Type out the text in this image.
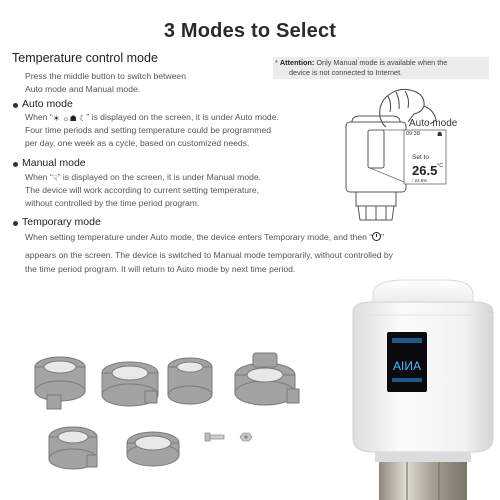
3 Modes to Select

Temperature control mode

Press the middle button to switch between

Auto mode and Manual mode.

* Attention: Only Manual mode is available when the
device is not connected to Internet.

Auto mode

When “☀ ☼☗ ☾” is displayed on the screen, it is under Auto mode.

Four time periods and setting temperature could be programmed

per day, one week as a cycle, based on customized needs.

Manual mode

When “☟” is displayed on the screen, it is under Manual mode.

The device will work according to current setting temperature,

without controlled by the time period program.

Temporary mode

When setting temperature under Auto mode, the device enters Temporary mode, and then “ ”

appears on the screen. The device is switched to Manual mode temporarily, without controlled by

the time period program. It will return to Auto mode by next time period.

Auto mode
09:38	☗
Set to
26.5 °C
↑ 23.6%
AIИA
